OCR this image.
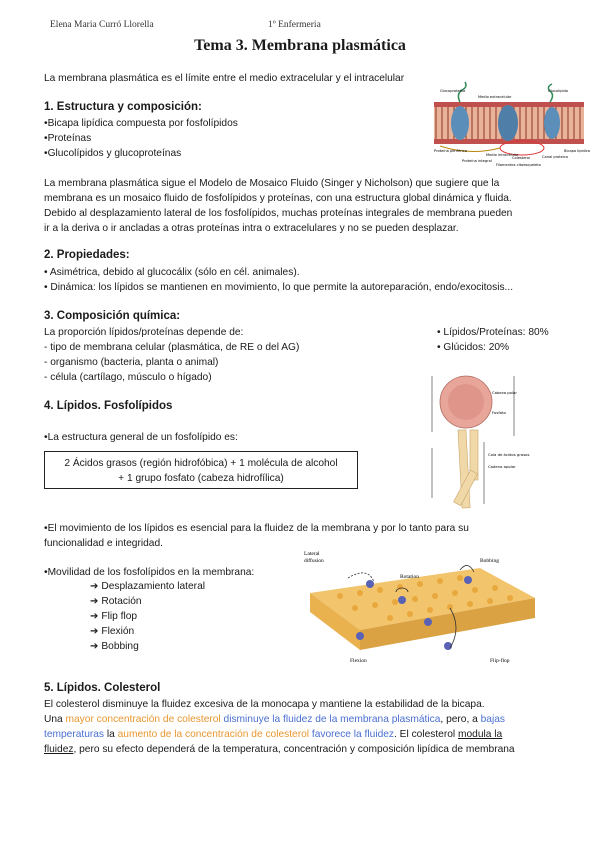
Elena Maria Curró Llorella	1º Enfermeria
Tema 3. Membrana plasmática
La membrana plasmática es el límite entre el medio extracelular y el intracelular
1. Estructura y composición:
•Bicapa lipídica compuesta por fosfolípidos
•Proteínas
•Glucolípidos y glucoproteínas
Glucoproteína
Medio extracelular
Glucolípido
Medio intracelular
Proteína periférica
Proteína integral
Colesterol	Canal proteico
Bicapa lipídica
Filamentos citoesqueleto
La membrana plasmática sigue el Modelo de Mosaico Fluido (Singer y Nicholson) que sugiere que la
membrana es un mosaico fluido de fosfolípidos y proteínas, con una estructura global dinámica y fluida.
Debido al desplazamiento lateral de los fosfolípidos, muchas proteínas integrales de membrana pueden
ir a la deriva o ir ancladas a otras proteínas intra o extracelulares y no se pueden desplazar.
2. Propiedades:
• Asimétrica, debido al glucocálix (sólo en cél. animales).
• Dinámica: los lípidos se mantienen en movimiento, lo que permite la autoreparación, endo/exocitosis...
3. Composición química:
La proporción lípidos/proteínas depende de:
- tipo de membrana celular (plasmática, de RE o del AG)
- organismo (bacteria, planta o animal)
- célula (cartílago, músculo o hígado)
• Lípidos/Proteínas: 80%
• Glúcidos: 20%
4. Lípidos. Fosfolípidos
•La estructura general de un fosfolípido es:
2 Ácidos grasos (región hidrofóbica) + 1 molécula de alcohol
+ 1 grupo fosfato (cabeza hidrofílica)
Cabeza polar
Fosfato
Cola de ácidos grasos
Cadena apolar
•El movimiento de los lípidos es esencial para la fluidez de la membrana y por lo tanto para su
funcionalidad e integridad.
•Movilidad de los fosfolípidos en la membrana:
➔ Desplazamiento lateral
➔ Rotación
➔ Flip flop
➔ Flexión
➔ Bobbing
Lateral
diffusion	Bobbing
Rotation
Flexion	Flip-flop
5. Lípidos. Colesterol
El colesterol disminuye la fluidez excesiva de la monocapa y mantiene la estabilidad de la bicapa.
Una mayor concentración de colesterol disminuye la fluidez de la membrana plasmática, pero, a bajas
temperaturas la aumento de la concentración de colesterol favorece la fluidez. El colesterol modula la
fluidez, pero su efecto dependerá de la temperatura, concentración y composición lipídica de membrana
